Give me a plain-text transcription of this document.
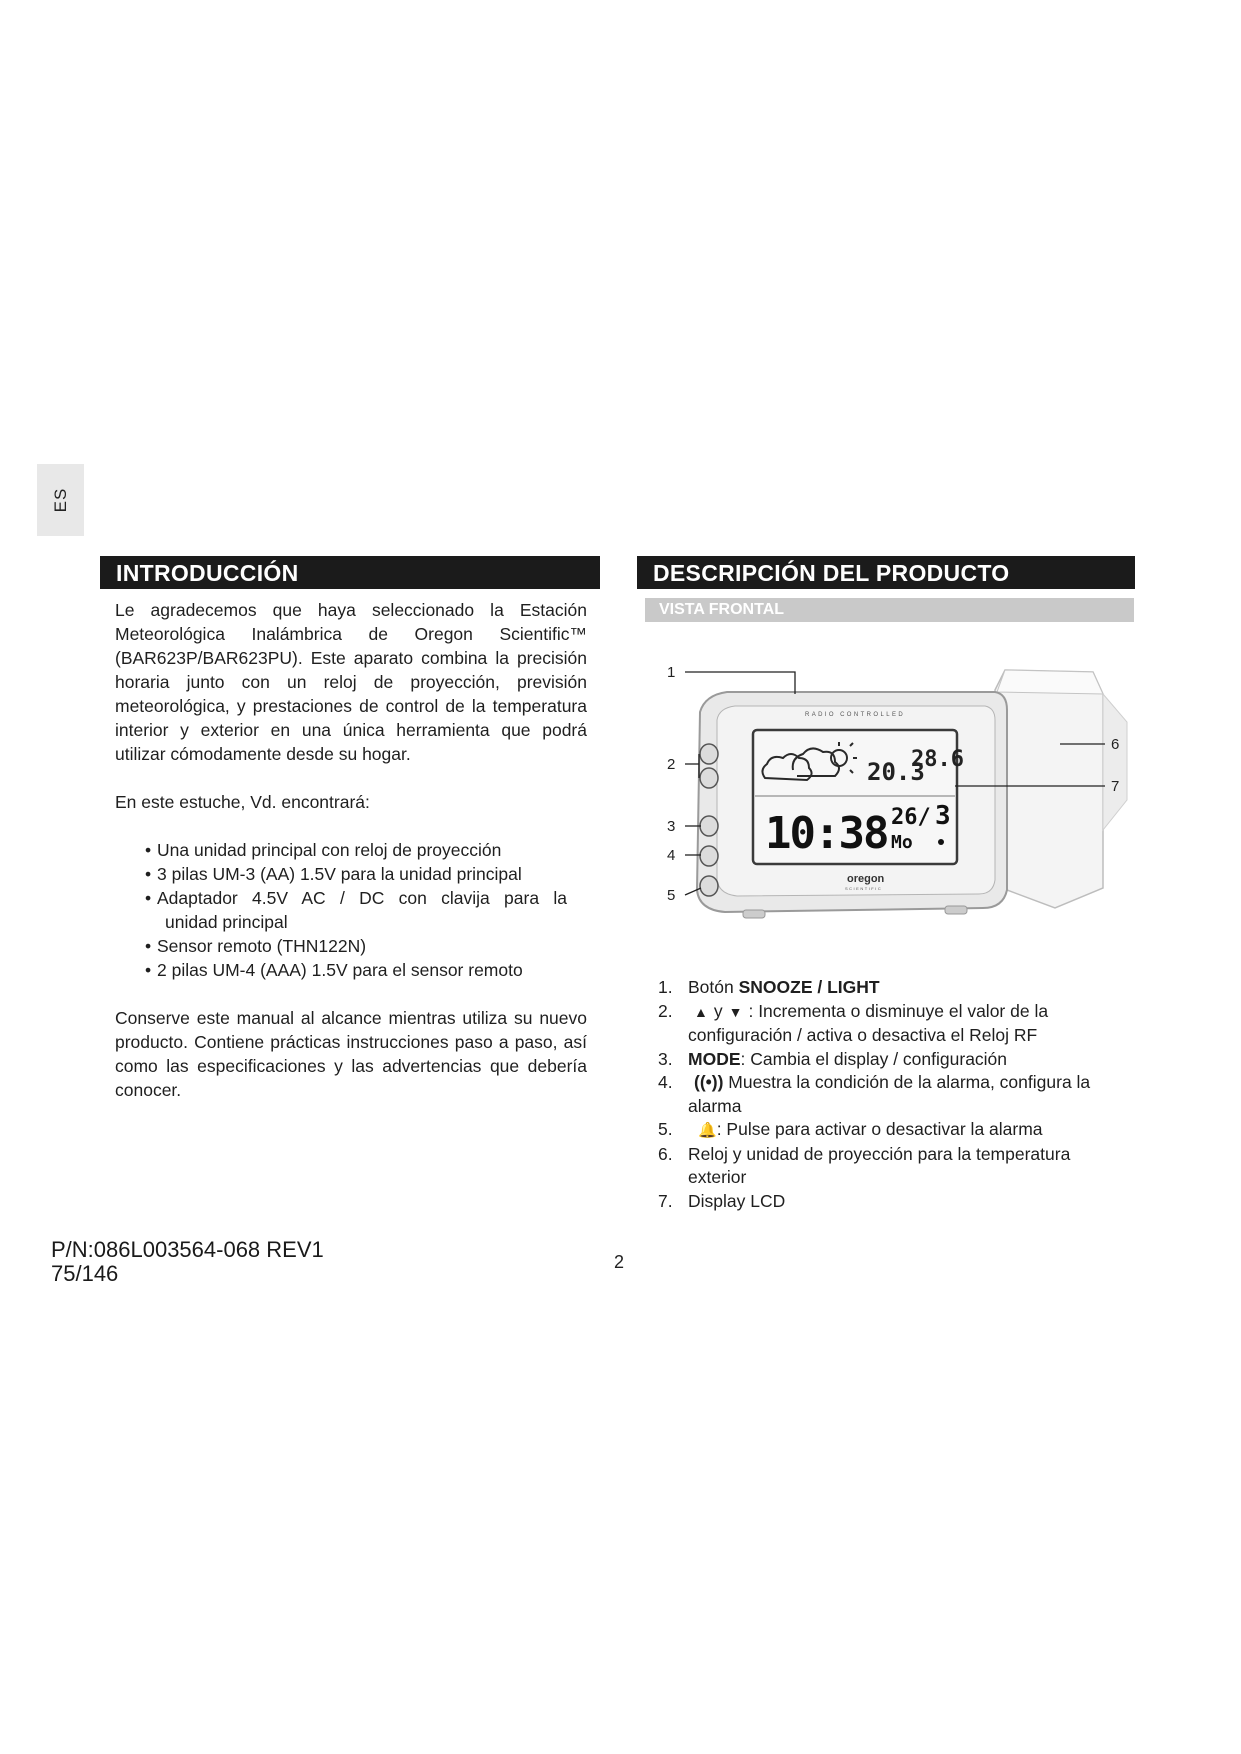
ES
INTRODUCCIÓN

Le agradecemos que haya seleccionado la Estación Meteorológica Inalámbrica de Oregon Scientific™ (BAR623P/BAR623PU). Este aparato combina la precisión horaria junto con un reloj de proyección, previsión meteorológica, y prestaciones de control de la temperatura interior y exterior en una única herramienta que podrá utilizar cómodamente desde su hogar.

En este estuche, Vd. encontrará:

• Una unidad principal con reloj de proyección
• 3 pilas UM-3 (AA) 1.5V para la unidad principal
• Adaptador 4.5V AC / DC con clavija para la
unidad principal
• Sensor remoto (THN122N)
• 2 pilas UM-4 (AAA) 1.5V para el sensor remoto

Conserve este manual al alcance mientras utiliza su nuevo producto. Contiene prácticas instrucciones paso a paso, así como las especificaciones y las advertencias que debería conocer.

DESCRIPCIÓN DEL PRODUCTO
VISTA FRONTAL
RADIO CONTROLLED
20.3
28.6
10:38 26/
Mo
3
oregon
SCIENTIFIC
1
2
3
4
5
6
7
1. Botón SNOOZE / LIGHT
2. ▲ y ▼ : Incrementa o disminuye el valor de la configuración / activa o desactiva el Reloj RF
3. MODE: Cambia el display / configuración
4. ((•)) Muestra la condición de la alarma, configura la alarma
5. 🔔: Pulse para activar o desactivar la alarma
6. Reloj y unidad de proyección para la temperatura exterior
7. Display LCD
P/N:086L003564-068 REV1
75/146	2
